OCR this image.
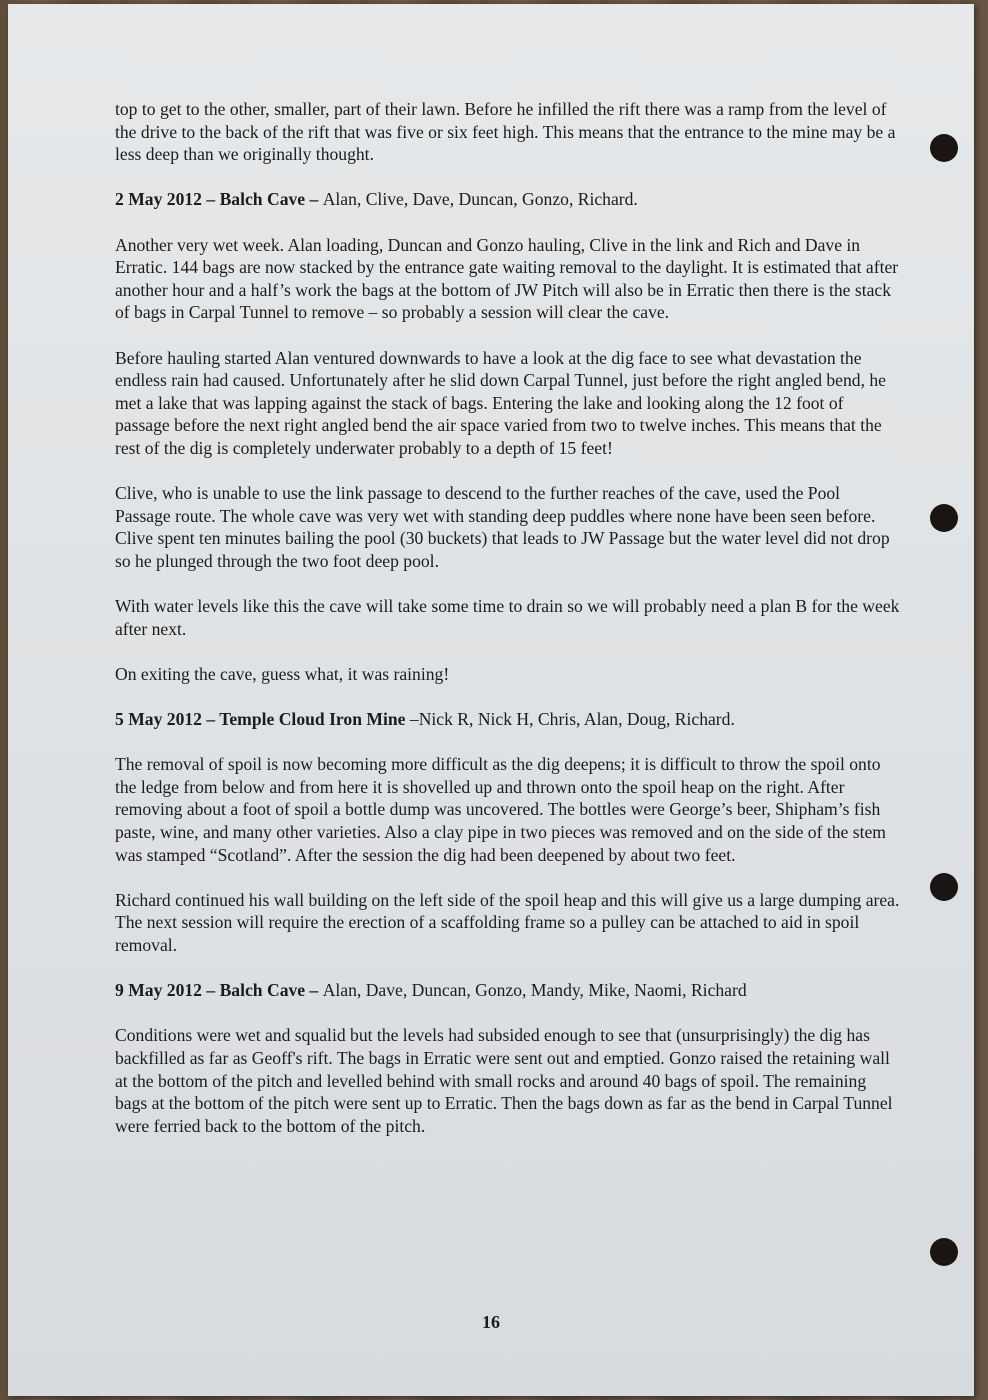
top to get to the other, smaller, part of their lawn. Before he infilled the rift there was a ramp from the level of the drive to the back of the rift that was five or six feet high. This means that the entrance to the mine may be a less deep than we originally thought.

2 May 2012 – Balch Cave – Alan, Clive, Dave, Duncan, Gonzo, Richard.

Another very wet week. Alan loading, Duncan and Gonzo hauling, Clive in the link and Rich and Dave in Erratic. 144 bags are now stacked by the entrance gate waiting removal to the daylight. It is estimated that after another hour and a half’s work the bags at the bottom of JW Pitch will also be in Erratic then there is the stack of bags in Carpal Tunnel to remove – so probably a session will clear the cave.

Before hauling started Alan ventured downwards to have a look at the dig face to see what devastation the endless rain had caused. Unfortunately after he slid down Carpal Tunnel, just before the right angled bend, he met a lake that was lapping against the stack of bags. Entering the lake and looking along the 12 foot of passage before the next right angled bend the air space varied from two to twelve inches. This means that the rest of the dig is completely underwater probably to a depth of 15 feet!

Clive, who is unable to use the link passage to descend to the further reaches of the cave, used the Pool Passage route. The whole cave was very wet with standing deep puddles where none have been seen before. Clive spent ten minutes bailing the pool (30 buckets) that leads to JW Passage but the water level did not drop so he plunged through the two foot deep pool.

With water levels like this the cave will take some time to drain so we will probably need a plan B for the week after next.

On exiting the cave, guess what, it was raining!

5 May 2012 – Temple Cloud Iron Mine –Nick R, Nick H, Chris, Alan, Doug, Richard.

The removal of spoil is now becoming more difficult as the dig deepens; it is difficult to throw the spoil onto the ledge from below and from here it is shovelled up and thrown onto the spoil heap on the right. After removing about a foot of spoil a bottle dump was uncovered. The bottles were George’s beer, Shipham’s fish paste, wine, and many other varieties. Also a clay pipe in two pieces was removed and on the side of the stem was stamped “Scotland”. After the session the dig had been deepened by about two feet.

Richard continued his wall building on the left side of the spoil heap and this will give us a large dumping area.

The next session will require the erection of a scaffolding frame so a pulley can be attached to aid in spoil removal.

9 May 2012 – Balch Cave – Alan, Dave, Duncan, Gonzo, Mandy, Mike, Naomi, Richard

Conditions were wet and squalid but the levels had subsided enough to see that (unsurprisingly) the dig has backfilled as far as Geoff's rift. The bags in Erratic were sent out and emptied. Gonzo raised the retaining wall at the bottom of the pitch and levelled behind with small rocks and around 40 bags of spoil. The remaining bags at the bottom of the pitch were sent up to Erratic. Then the bags down as far as the bend in Carpal Tunnel were ferried back to the bottom of the pitch.

16
